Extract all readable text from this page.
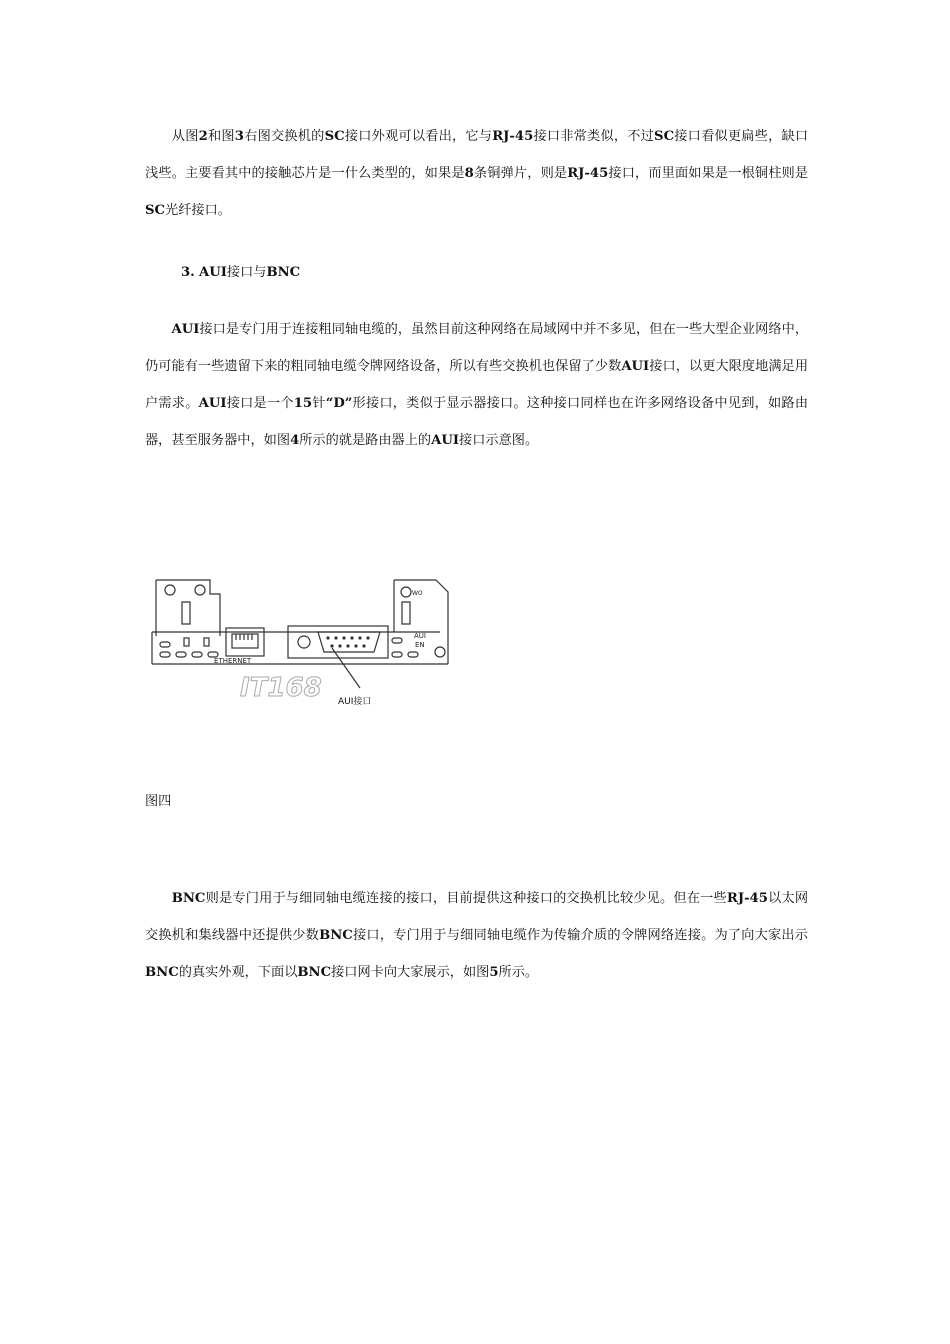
　　从图2和图3右图交换机的SC接口外观可以看出，它与RJ-45接口非常类似，不过SC接口看似更扁些，缺口浅些。主要看其中的接触芯片是一什么类型的，如果是8条铜弹片，则是RJ-45接口，而里面如果是一根铜柱则是SC光纤接口。

3. AUI接口与BNC

　　AUI接口是专门用于连接粗同轴电缆的，虽然目前这种网络在局域网中并不多见，但在一些大型企业网络中，仍可能有一些遗留下来的粗同轴电缆令牌网络设备，所以有些交换机也保留了少数AUI接口，以更大限度地满足用户需求。AUI接口是一个15针“D”形接口，类似于显示器接口。这种接口同样也在许多网络设备中见到，如路由器，甚至服务器中，如图4所示的就是路由器上的AUI接口示意图。

ETHERNET
AUI
EN
WO
IT168 AUI接口

图四

　　BNC则是专门用于与细同轴电缆连接的接口，目前提供这种接口的交换机比较少见。但在一些RJ-45以太网交换机和集线器中还提供少数BNC接口，专门用于与细同轴电缆作为传输介质的令牌网络连接。为了向大家出示BNC的真实外观，下面以BNC接口网卡向大家展示，如图5所示。
